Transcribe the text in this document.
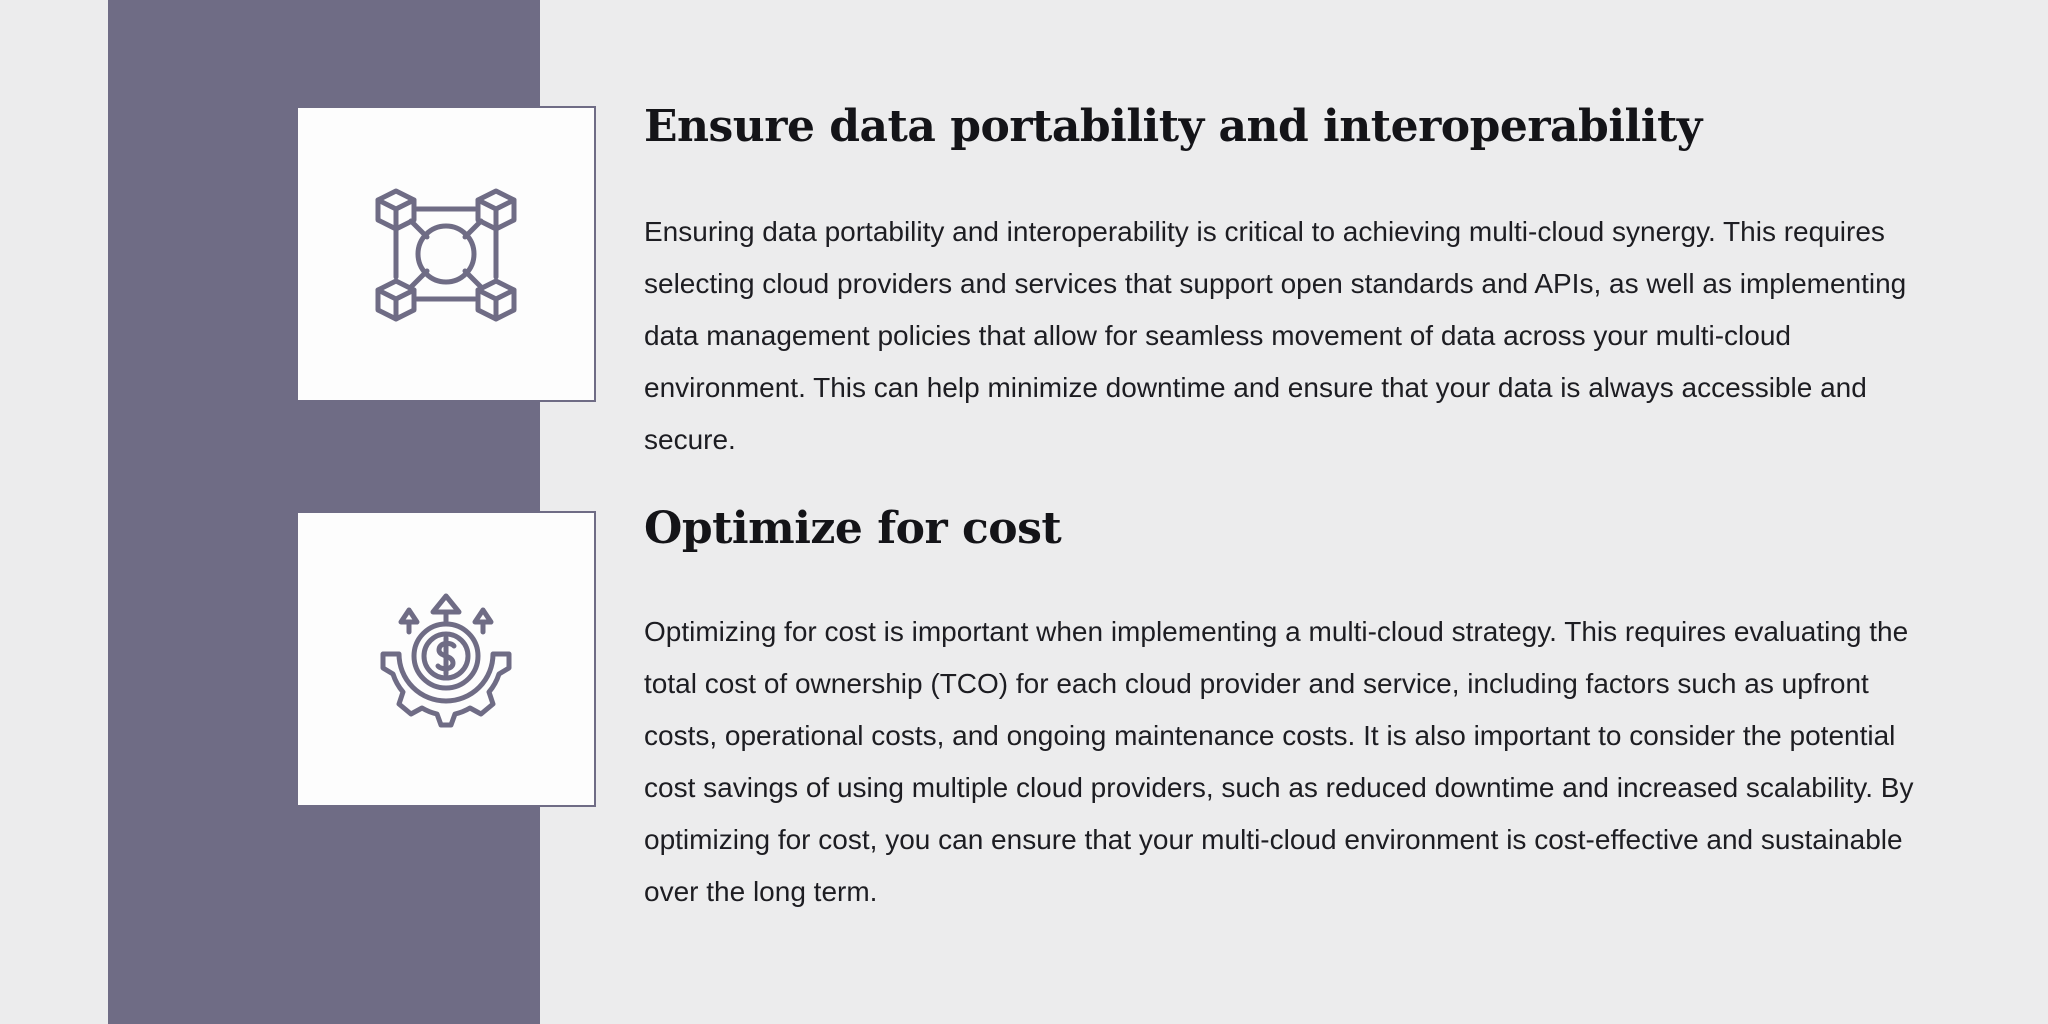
Ensure data portability and interoperability

Ensuring data portability and interoperability is critical to achieving multi-cloud synergy. This requires selecting cloud providers and services that support open standards and APIs, as well as implementing data management policies that allow for seamless movement of data across your multi-cloud environment. This can help minimize downtime and ensure that your data is always accessible and secure.

Optimize for cost

Optimizing for cost is important when implementing a multi-cloud strategy. This requires evaluating the total cost of ownership (TCO) for each cloud provider and service, including factors such as upfront costs, operational costs, and ongoing maintenance costs. It is also important to consider the potential cost savings of using multiple cloud providers, such as reduced downtime and increased scalability. By optimizing for cost, you can ensure that your multi-cloud environment is cost-effective and sustainable over the long term.
